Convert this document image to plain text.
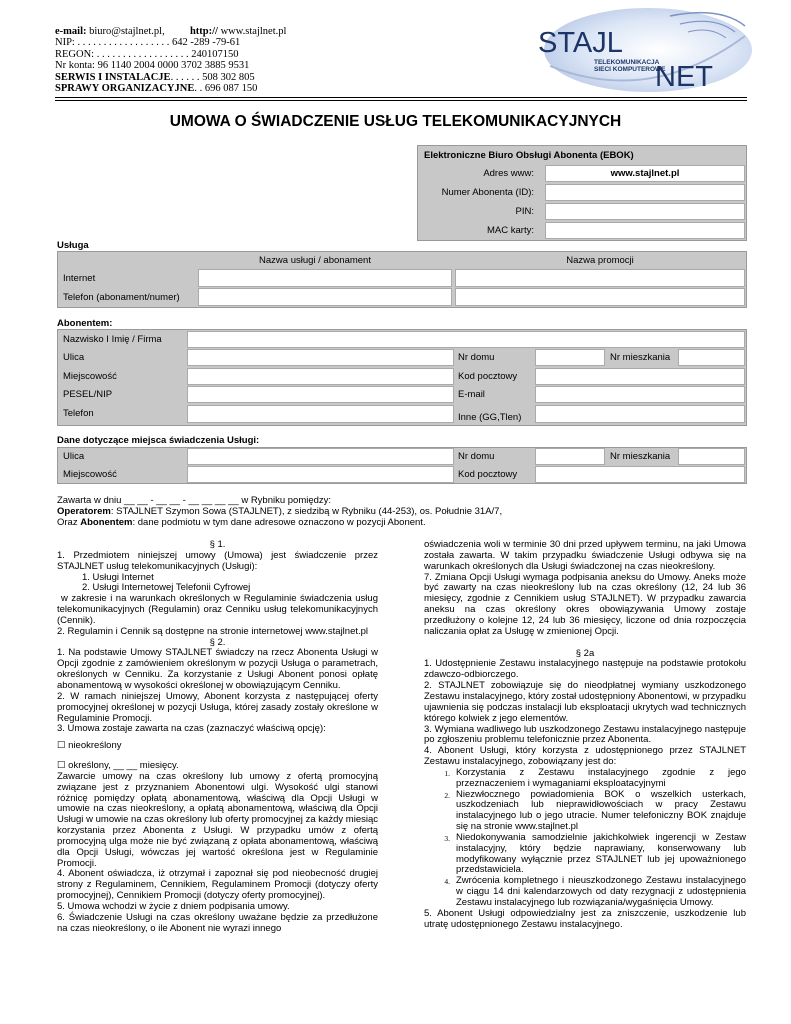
e-mail: biuro@stajlnet.pl, http:// www.stajlnet.pl
NIP: . . . . . . . . . . . . . . . . . . 642 -289 -79-61
REGON: . . . . . . . . . . . . . . . . . . 240107150
Nr konta: 96 1140 2004 0000 3702 3885 9531
SERWIS I INSTALACJE. . . . . . 508 302 805
SPRAWY ORGANIZACYJNE. . 696 087 150
STAJL
NET
TELEKOMUNIKACJA
SIECI KOMPUTEROWE
UMOWA O ŚWIADCZENIE USŁUG TELEKOMUNIKACYJNYCH
Elektroniczne Biuro Obsługi Abonenta (EBOK)
Adres www:	www.stajlnet.pl
Numer Abonenta (ID):
PIN:
MAC karty:
Usługa
Nazwa usługi / abonament	Nazwa promocji
Internet
Telefon (abonament/numer)
Abonentem:
Nazwisko I Imię / Firma
Ulica	Nr domu	Nr mieszkania
Miejscowość	Kod pocztowy
PESEL/NIP	E-mail
Telefon	Inne (GG,Tlen)
Dane dotyczące miejsca świadczenia Usługi:
Ulica	Nr domu	Nr mieszkania
Miejscowość	Kod pocztowy

Zawarta w dniu __ __ - __ __ - __ __ __ __ w Rybniku pomiędzy:

Operatorem: STAJLNET Szymon Sowa (STAJLNET), z siedzibą w Rybniku (44-253), os. Południe 31A/7,

Oraz Abonentem: dane podmiotu w tym dane adresowe oznaczono w pozycji Abonent.

§ 1.

1. Przedmiotem niniejszej umowy (Umowa) jest świadczenie przez STAJLNET usług telekomunikacyjnych (Usługi):

1. Usługi Internet

2. Usługi Internetowej Telefonii Cyfrowej

w zakresie i na warunkach określonych w Regulaminie świadczenia usług telekomunikacyjnych (Regulamin) oraz Cenniku usług telekomunikacyjnych (Cennik).

2. Regulamin i Cennik są dostępne na stronie internetowej www.stajlnet.pl

§ 2.

1. Na podstawie Umowy STAJLNET świadczy na rzecz Abonenta Usługi w Opcji zgodnie z zamówieniem określonym w pozycji Usługa o parametrach, określonych w Cenniku. Za korzystanie z Usługi Abonent ponosi opłatę abonamentową w wysokości określonej w obowiązującym Cenniku.

2. W ramach niniejszej Umowy, Abonent korzysta z następującej oferty promocyjnej określonej w pozycji Usługa, której zasady zostały określone w Regulaminie Promocji.

3. Umowa zostaje zawarta na czas (zaznaczyć właściwą opcję):

☐ nieokreślony

☐ określony, __ __ miesięcy.

Zawarcie umowy na czas określony lub umowy z ofertą promocyjną związane jest z przyznaniem Abonentowi ulgi. Wysokość ulgi stanowi różnicę pomiędzy opłatą abonamentową, właściwą dla Opcji Usługi w umowie na czas nieokreślony, a opłatą abonamentową, właściwą dla Opcji Usługi w umowie na czas określony lub oferty promocyjnej za każdy miesiąc korzystania przez Abonenta z Usługi. W przypadku umów z ofertą promocyjną ulga może nie być związaną z opłata abonamentową, właściwą dla Opcji Usługi, wówczas jej wartość określona jest w Regulaminie Promocji.

4. Abonent oświadcza, iż otrzymał i zapoznał się pod nieobecność drugiej strony z Regulaminem, Cennikiem, Regulaminem Promocji (dotyczy oferty promocyjnej), Cennikiem Promocji (dotyczy oferty promocyjnej).

5. Umowa wchodzi w życie z dniem podpisania umowy.

6. Świadczenie Usługi na czas określony uważane będzie za przedłużone na czas nieokreślony, o ile Abonent nie wyrazi innego

oświadczenia woli w terminie 30 dni przed upływem terminu, na jaki Umowa została zawarta. W takim przypadku świadczenie Usługi odbywa się na warunkach określonych dla Usługi świadczonej na czas nieokreślony.

7. Zmiana Opcji Usługi wymaga podpisania aneksu do Umowy. Aneks może być zawarty na czas nieokreślony lub na czas określony (12, 24 lub 36 miesięcy, zgodnie z Cennikiem usług STAJLNET). W przypadku zawarcia aneksu na czas określony okres obowiązywania Umowy zostaje przedłużony o kolejne 12, 24 lub 36 miesięcy, liczone od dnia rozpoczęcia naliczania opłat za Usługę w zmienionej Opcji.

§ 2a

1. Udostępnienie Zestawu instalacyjnego następuje na podstawie protokołu zdawczo-odbiorczego.

2. STAJLNET zobowiązuje się do nieodpłatnej wymiany uszkodzonego Zestawu instalacyjnego, który został udostępniony Abonentowi, w przypadku ujawnienia się podczas instalacji lub eksploatacji ukrytych wad technicznych którego kolwiek z jego elementów.

3. Wymiana wadliwego lub uszkodzonego Zestawu instalacyjnego następuje po zgłoszeniu problemu telefonicznie przez Abonenta.

4. Abonent Usługi, który korzysta z udostępnionego przez STAJLNET Zestawu instalacyjnego, zobowiązany jest do:

1. Korzystania z Zestawu instalacyjnego zgodnie z jego przeznaczeniem i wymaganiami eksploatacyjnymi
2. Niezwłocznego powiadomienia BOK o wszelkich usterkach, uszkodzeniach lub nieprawidłowościach w pracy Zestawu instalacyjnego lub o jego utracie. Numer telefoniczny BOK znajduje się na stronie www.stajlnet.pl
3. Niedokonywania samodzielnie jakichkolwiek ingerencji w Zestaw instalacyjny, który będzie naprawiany, konserwowany lub modyfikowany wyłącznie przez STAJLNET lub jej upoważnionego przedstawiciela.
4. Zwrócenia kompletnego i nieuszkodzonego Zestawu instalacyjnego w ciągu 14 dni kalendarzowych od daty rezygnacji z udostępnienia Zestawu instalacyjnego lub rozwiązania/wygaśnięcia Umowy.

5. Abonent Usługi odpowiedzialny jest za zniszczenie, uszkodzenie lub utratę udostępnionego Zestawu instalacyjnego.
